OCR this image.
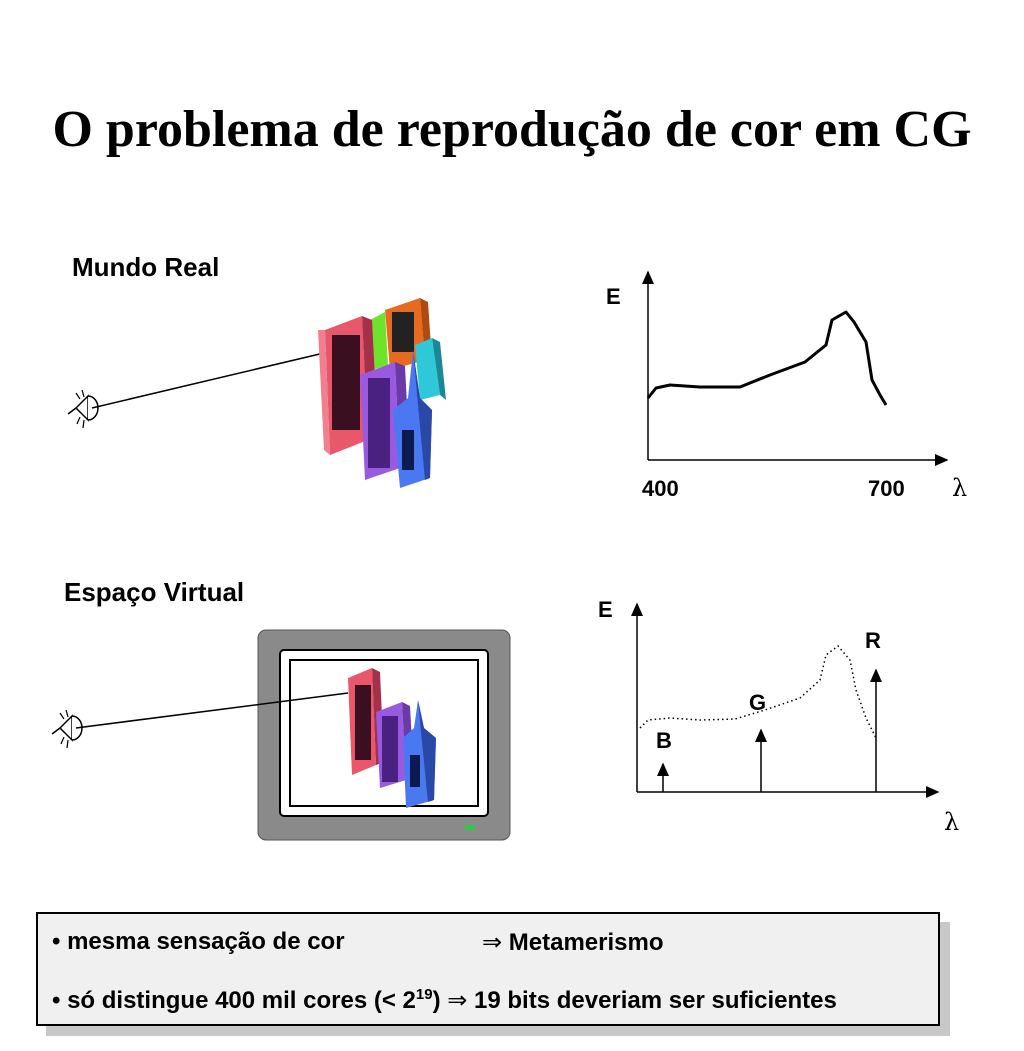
O problema de reprodução de cor em CG
Mundo Real
Espaço Virtual
E
400	700 λ
E
B
G
R
λ
• mesma sensação de cor	⇒ Metamerismo
• só distingue 400 mil cores (< $2^{19}$) ⇒ 19 bits deveriam ser suficientes
